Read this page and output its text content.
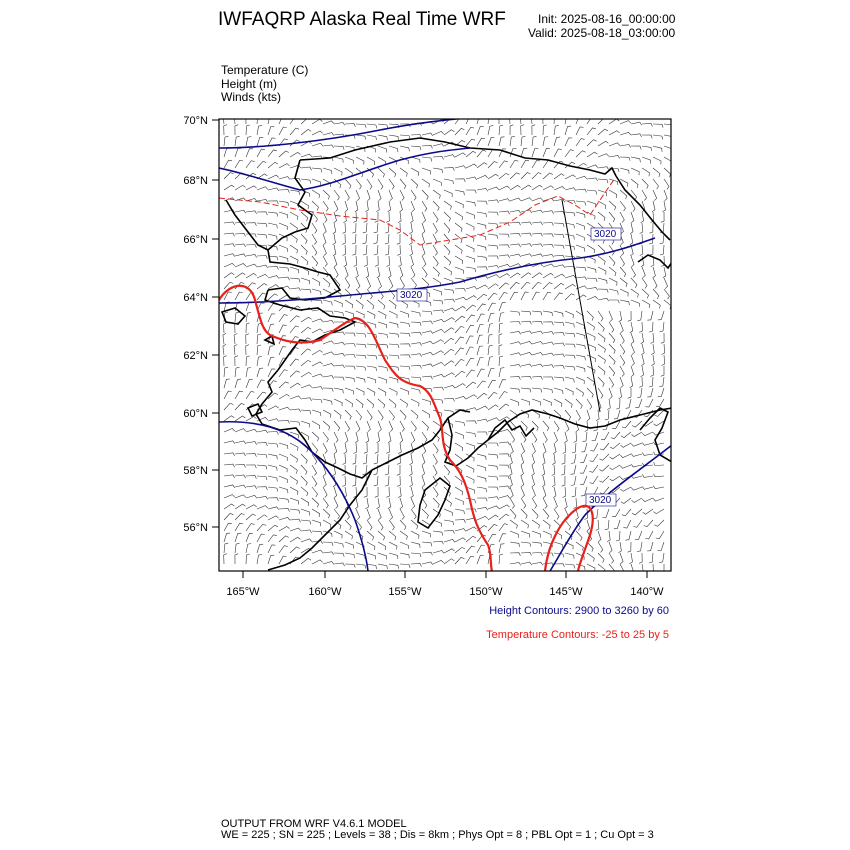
IWFAQRP Alaska Real Time WRF	Init: 2025-08-16_00:00:00
Valid: 2025-08-18_03:00:00
Temperature (C)
Height (m)
Winds (kts)
3020
3020
3020
70°N
68°N
66°N
64°N
62°N
60°N
58°N
56°N
165°W	160°W	155°W	150°W	145°W	140°W
Height Contours: 2900 to 3260 by 60
Temperature Contours: -25 to 25 by 5
OUTPUT FROM WRF V4.6.1 MODEL
WE = 225 ; SN = 225 ; Levels = 38 ; Dis = 8km ; Phys Opt = 8 ; PBL Opt = 1 ; Cu Opt = 3
